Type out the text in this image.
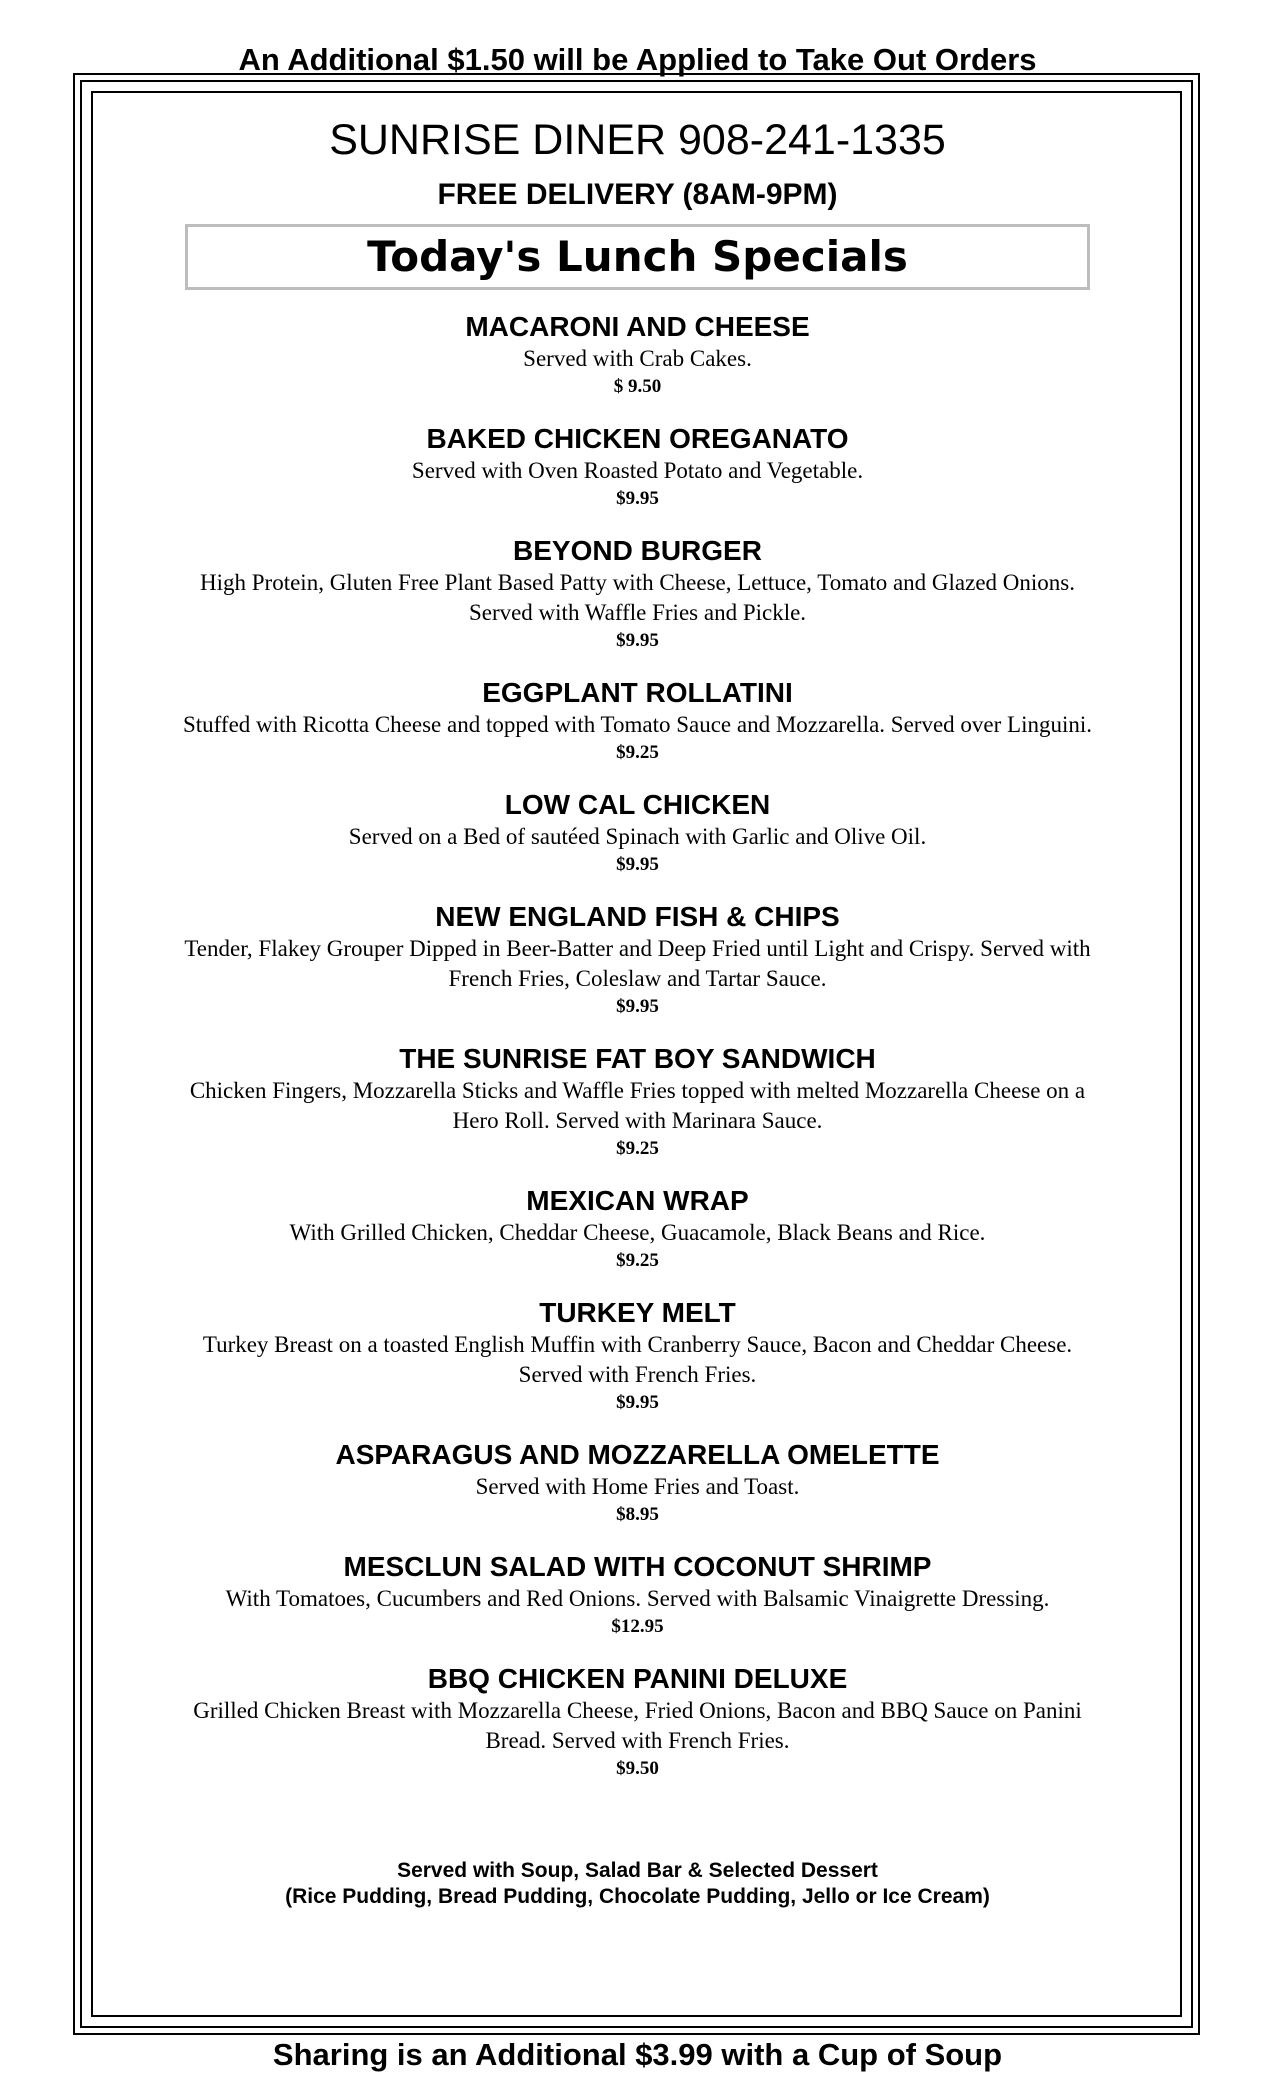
An Additional $1.50 will be Applied to Take Out Orders
SUNRISE DINER 908-241-1335
FREE DELIVERY (8AM-9PM)
Today's Lunch Specials
MACARONI AND CHEESE
Served with Crab Cakes.
$ 9.50
BAKED CHICKEN OREGANATO
Served with Oven Roasted Potato and Vegetable.
$9.95
BEYOND BURGER
High Protein, Gluten Free Plant Based Patty with Cheese, Lettuce, Tomato and Glazed Onions. Served with Waffle Fries and Pickle.
$9.95
EGGPLANT ROLLATINI
Stuffed with Ricotta Cheese and topped with Tomato Sauce and Mozzarella. Served over Linguini.
$9.25
LOW CAL CHICKEN
Served on a Bed of sautéed Spinach with Garlic and Olive Oil.
$9.95
NEW ENGLAND FISH & CHIPS
Tender, Flakey Grouper Dipped in Beer-Batter and Deep Fried until Light and Crispy. Served with French Fries, Coleslaw and Tartar Sauce.
$9.95
THE SUNRISE FAT BOY SANDWICH
Chicken Fingers, Mozzarella Sticks and Waffle Fries topped with melted Mozzarella Cheese on a Hero Roll. Served with Marinara Sauce.
$9.25
MEXICAN WRAP
With Grilled Chicken, Cheddar Cheese, Guacamole, Black Beans and Rice.
$9.25
TURKEY MELT
Turkey Breast on a toasted English Muffin with Cranberry Sauce, Bacon and Cheddar Cheese. Served with French Fries.
$9.95
ASPARAGUS AND MOZZARELLA OMELETTE
Served with Home Fries and Toast.
$8.95
MESCLUN SALAD WITH COCONUT SHRIMP
With Tomatoes, Cucumbers and Red Onions. Served with Balsamic Vinaigrette Dressing.
$12.95
BBQ CHICKEN PANINI DELUXE
Grilled Chicken Breast with Mozzarella Cheese, Fried Onions, Bacon and BBQ Sauce on Panini Bread. Served with French Fries.
$9.50
Served with Soup, Salad Bar & Selected Dessert
(Rice Pudding, Bread Pudding, Chocolate Pudding, Jello or Ice Cream)
Sharing is an Additional $3.99 with a Cup of Soup
